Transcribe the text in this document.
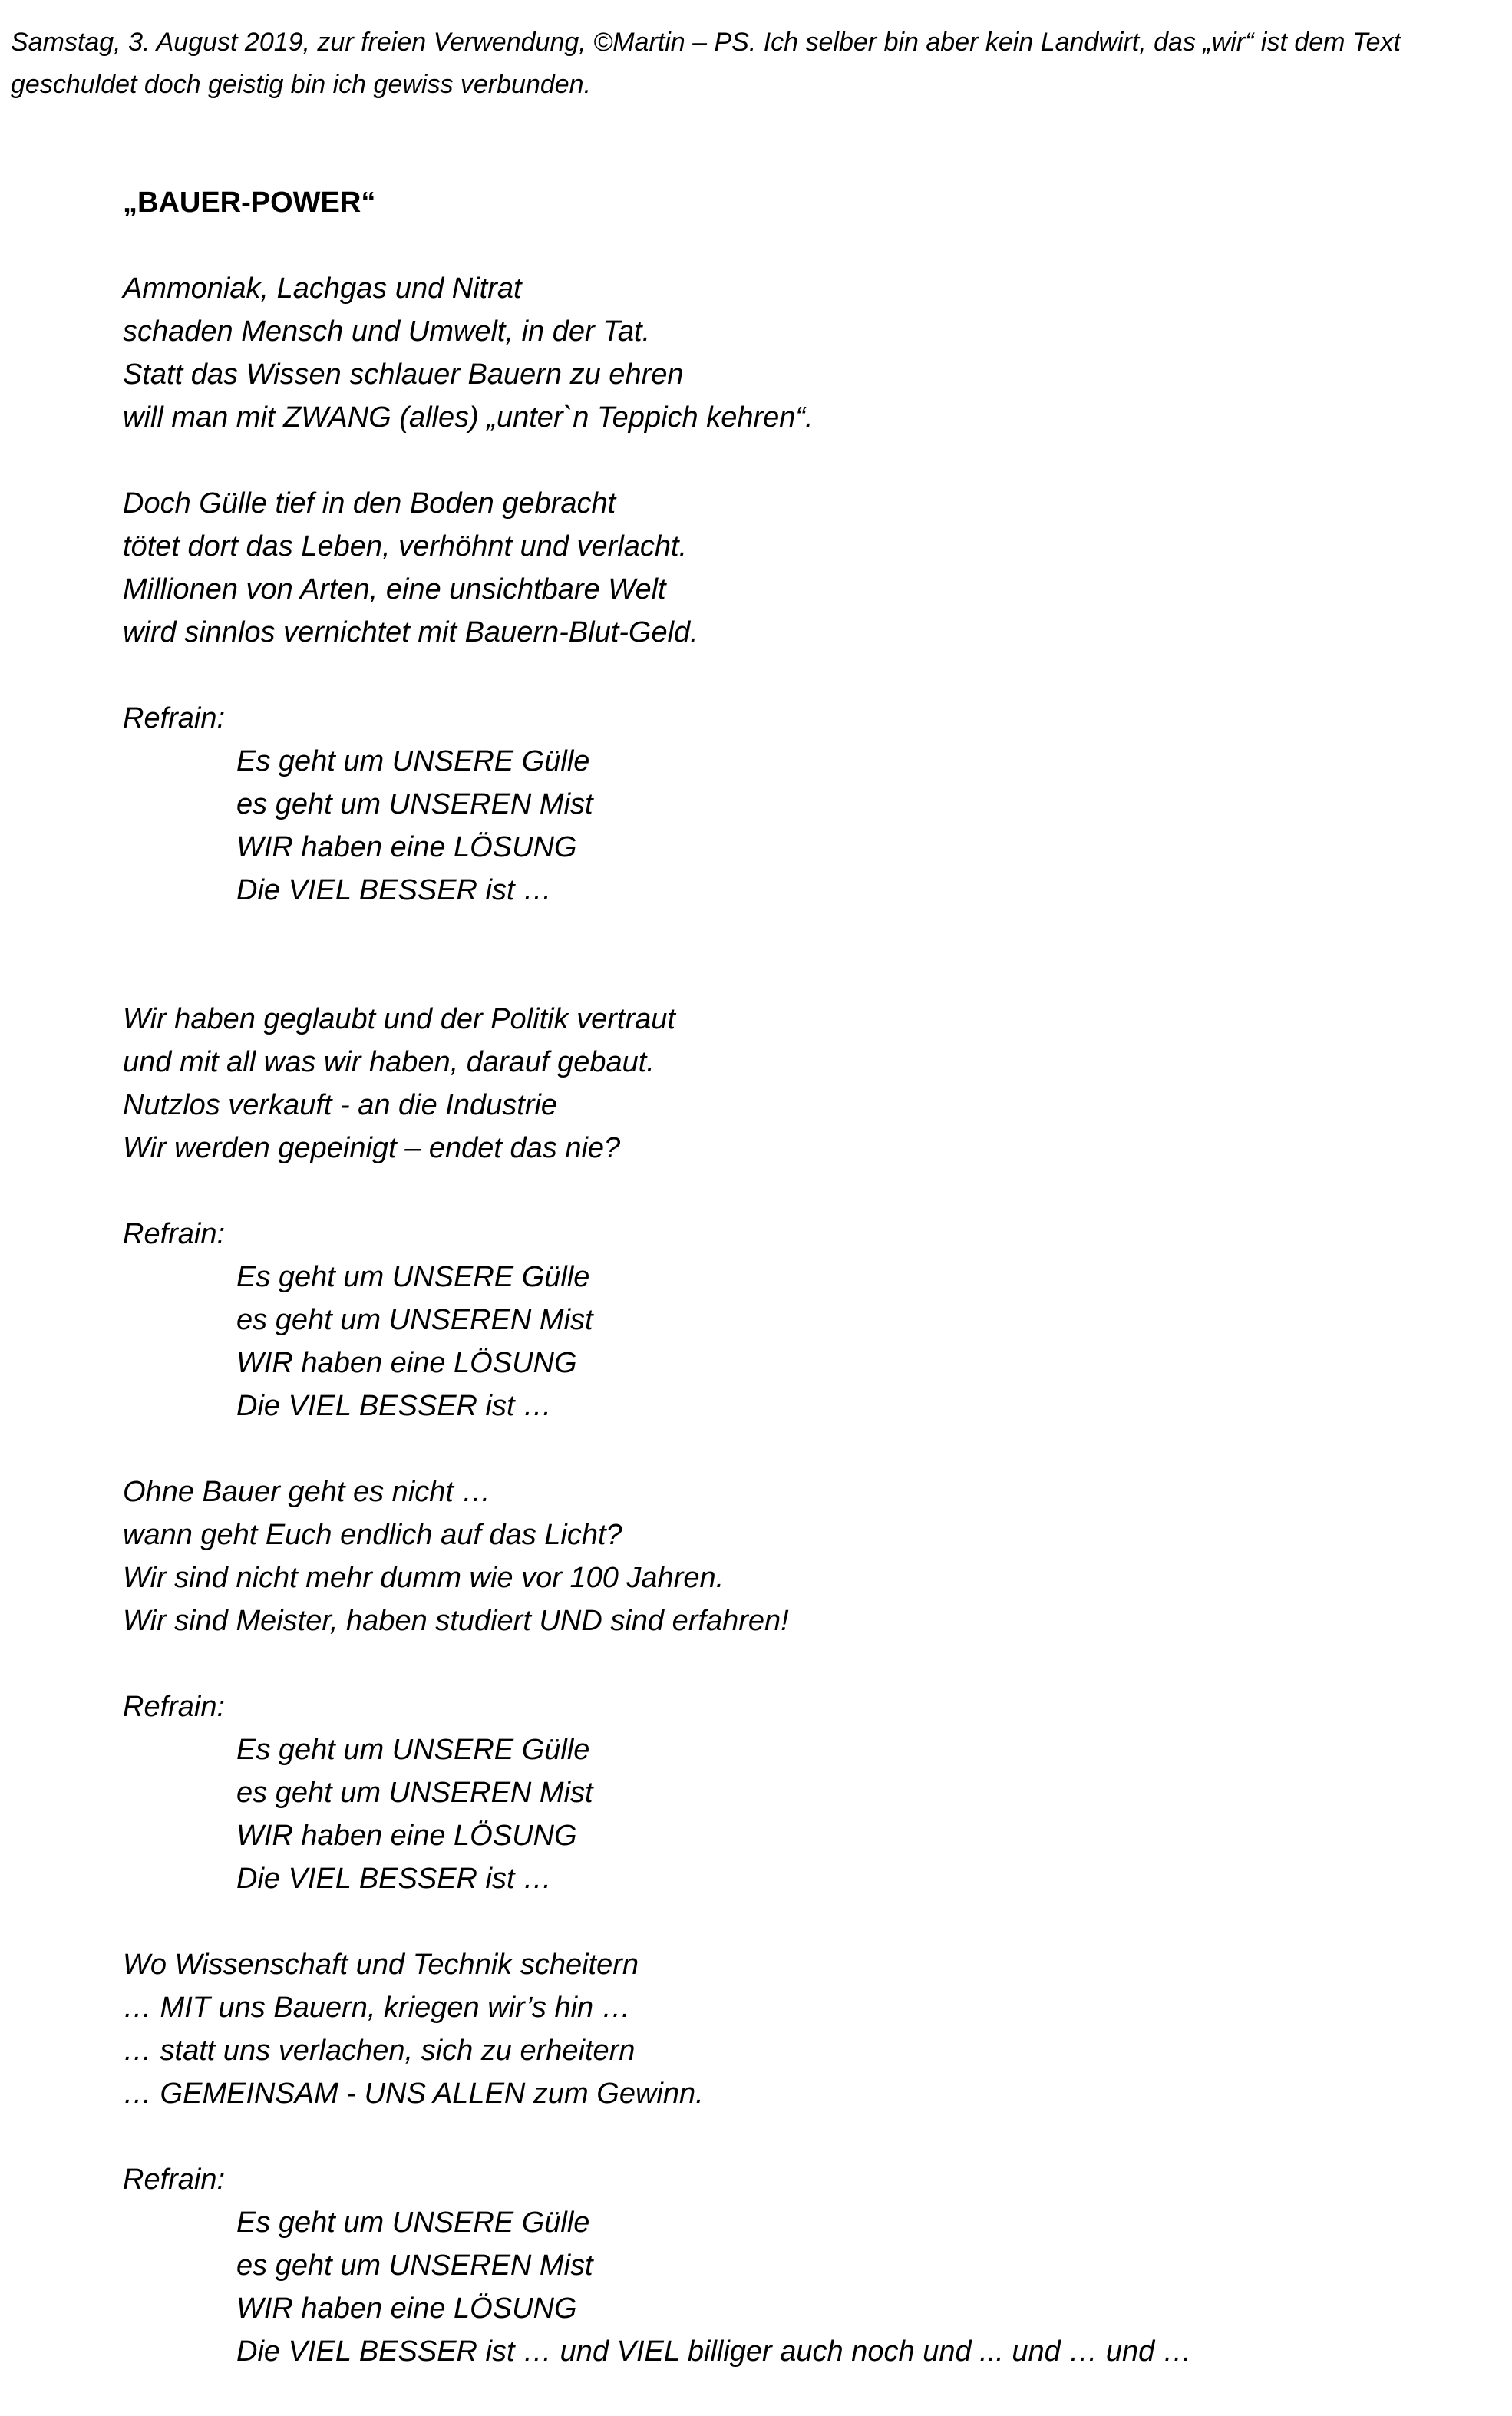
Samstag, 3. August 2019, zur freien Verwendung, ©Martin – PS. Ich selber bin aber kein Landwirt, das „wir“ ist dem Text geschuldet doch geistig bin ich gewiss verbunden.
„BAUER-POWER“
Ammoniak, Lachgas und Nitrat
schaden Mensch und Umwelt, in der Tat.
Statt das Wissen schlauer Bauern zu ehren
will man mit ZWANG (alles) „unter`n Teppich kehren“.
Doch Gülle tief in den Boden gebracht
tötet dort das Leben, verhöhnt und verlacht.
Millionen von Arten, eine unsichtbare Welt
wird sinnlos vernichtet mit Bauern-Blut-Geld.
Refrain:
Es geht um UNSERE Gülle
es geht um UNSEREN Mist
WIR haben eine LÖSUNG
Die VIEL BESSER ist …
Wir haben geglaubt und der Politik vertraut
und mit all was wir haben, darauf gebaut.
Nutzlos verkauft - an die Industrie
Wir werden gepeinigt – endet das nie?
Refrain:
Es geht um UNSERE Gülle
es geht um UNSEREN Mist
WIR haben eine LÖSUNG
Die VIEL BESSER ist …
Ohne Bauer geht es nicht …
wann geht Euch endlich auf das Licht?
Wir sind nicht mehr dumm wie vor 100 Jahren.
Wir sind Meister, haben studiert UND sind erfahren!
Refrain:
Es geht um UNSERE Gülle
es geht um UNSEREN Mist
WIR haben eine LÖSUNG
Die VIEL BESSER ist …
Wo Wissenschaft und Technik scheitern
… MIT uns Bauern, kriegen wir’s hin …
… statt uns verlachen, sich zu erheitern
… GEMEINSAM - UNS ALLEN zum Gewinn.
Refrain:
Es geht um UNSERE Gülle
es geht um UNSEREN Mist
WIR haben eine LÖSUNG
Die VIEL BESSER ist … und VIEL billiger auch noch und ... und … und …
